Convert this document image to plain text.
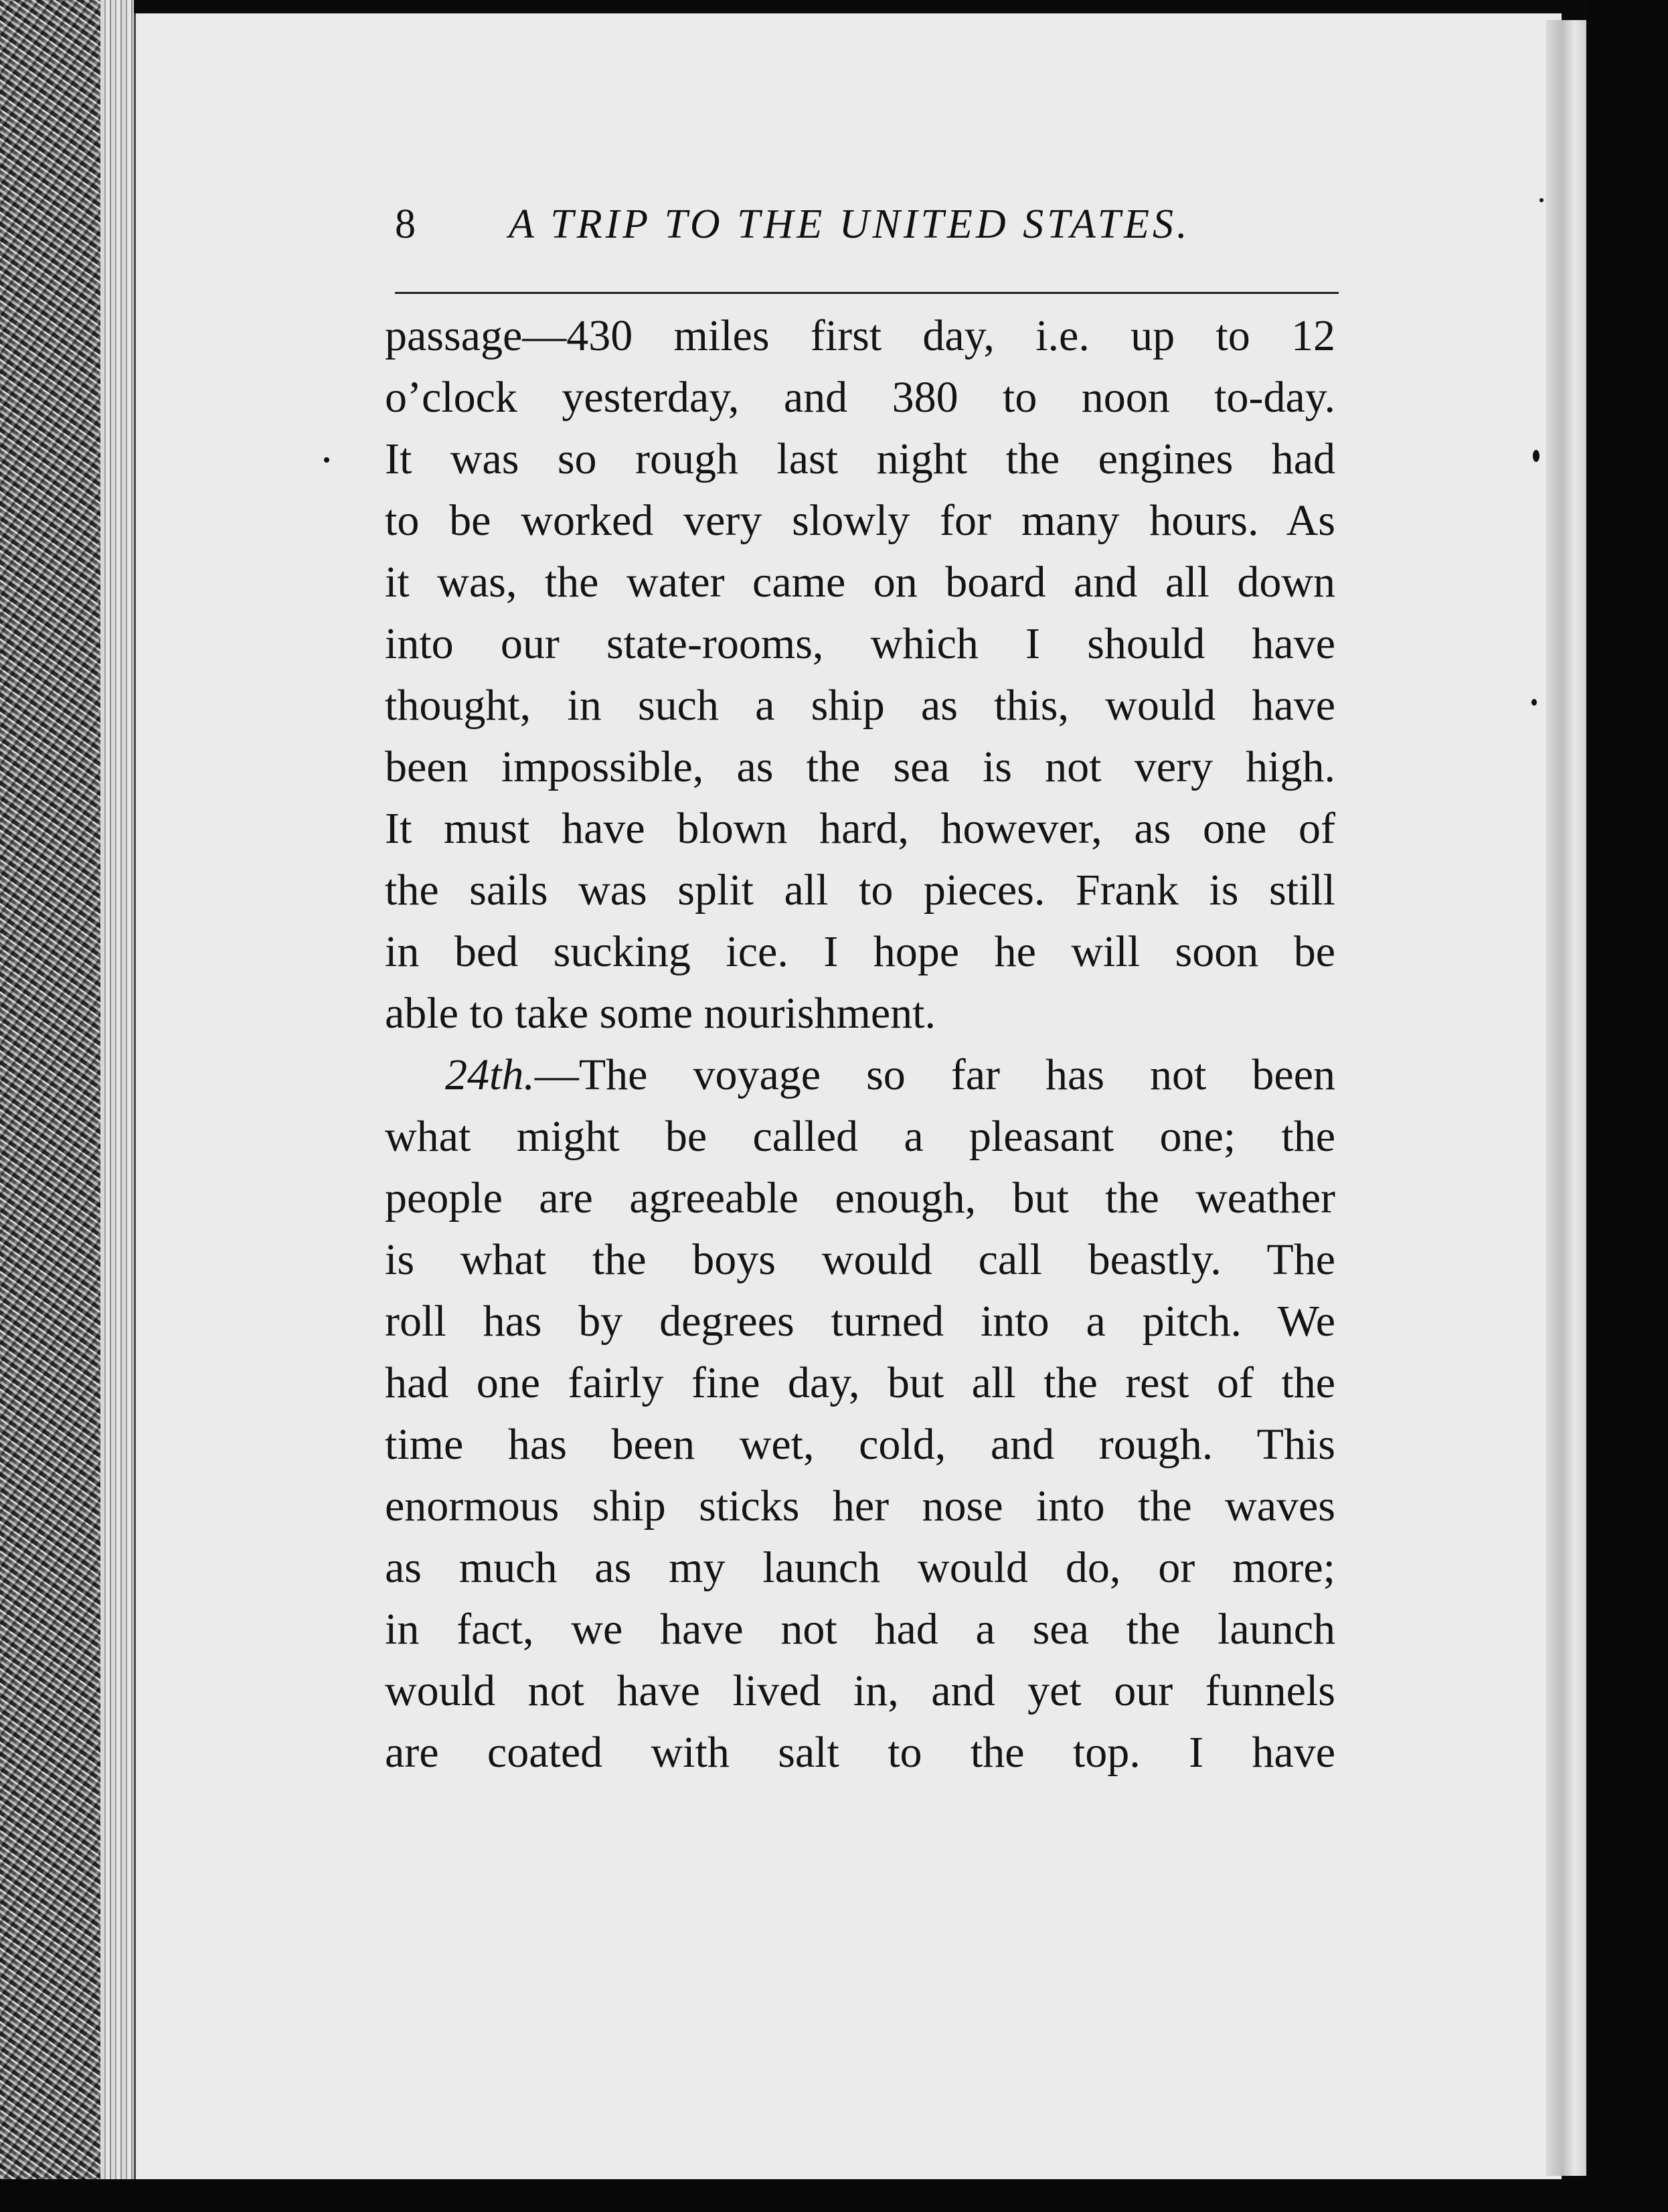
8 A TRIP TO THE UNITED STATES.
passage—430 miles first day, i.e. up to 12
o’clock yesterday, and 380 to noon to-day.
It was so rough last night the engines had
to be worked very slowly for many hours. As
it was, the water came on board and all down
into our state-rooms, which I should have
thought, in such a ship as this, would have
been impossible, as the sea is not very high.
It must have blown hard, however, as one of
the sails was split all to pieces. Frank is still
in bed sucking ice. I hope he will soon be
able to take some nourishment.
24th.—The voyage so far has not been
what might be called a pleasant one; the
people are agreeable enough, but the weather
is what the boys would call beastly. The
roll has by degrees turned into a pitch. We
had one fairly fine day, but all the rest of the
time has been wet, cold, and rough. This
enormous ship sticks her nose into the waves
as much as my launch would do, or more;
in fact, we have not had a sea the launch
would not have lived in, and yet our funnels
are coated with salt to the top. I have
